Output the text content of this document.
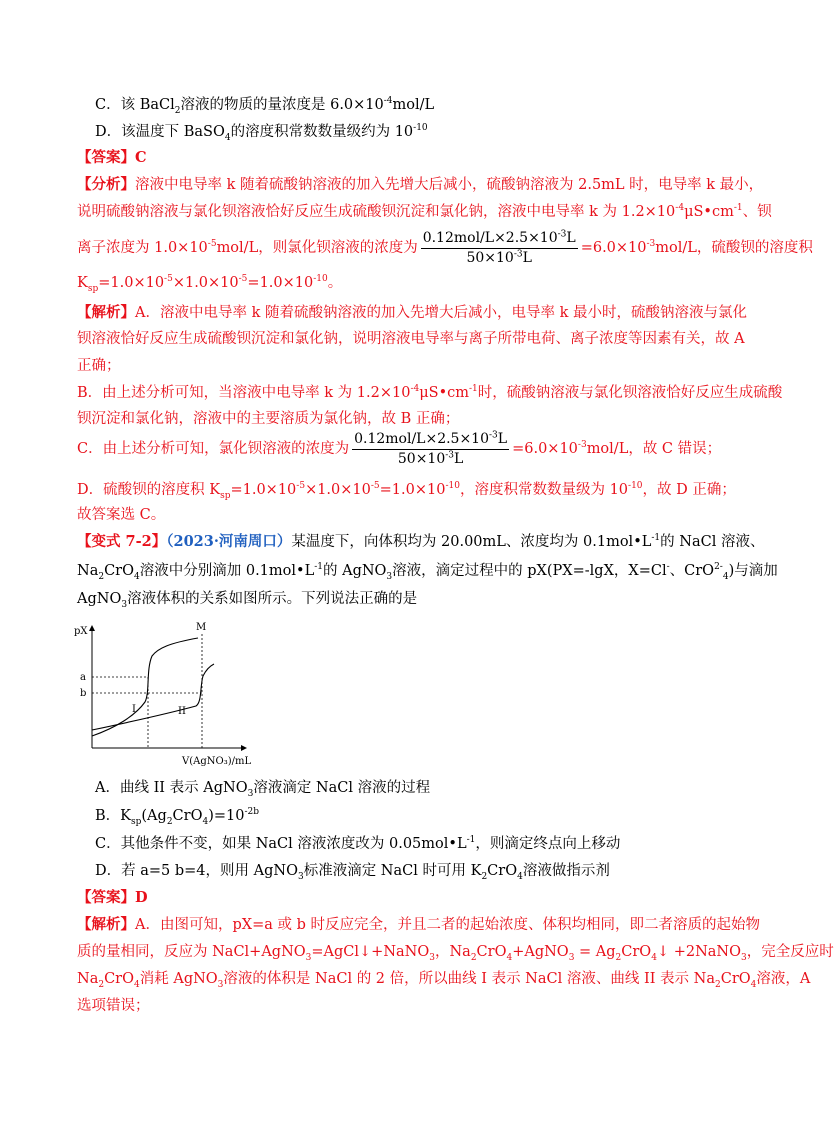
C．该 BaCl$_2$溶液的物质的量浓度是 $6.0\times 10^{-4}mol/L$
D．该温度下 BaSO$_4$的溶度积常数数量级约为 $10^{-10}$
【答案】C
【分析】溶液中电导率 k 随着硫酸钠溶液的加入先增大后减小，硫酸钠溶液为 2.5mL 时，电导率 k 最小，
说明硫酸钠溶液与氯化钡溶液恰好反应生成硫酸钡沉淀和氯化钠，溶液中电导率 k 为 $1.2\times 10^{-4}\mu S•cm^{-1}$、钡
离子浓度为 $1.0\times 10^{-5}mol/L$，则氯化钡溶液的浓度为 $\frac{0.12mol/L\times 2.5\times 10^{-3}L}{50\times 10^{-3}L} =6.0\times 10^{-3}mol/L$，硫酸钡的溶度积
$K_{sp}=1.0\times 10^{-5}\times 1.0\times 10^{-5}=1.0\times 10^{-10}$。
【解析】A．溶液中电导率 k 随着硫酸钠溶液的加入先增大后减小，电导率 k 最小时，硫酸钠溶液与氯化
钡溶液恰好反应生成硫酸钡沉淀和氯化钠，说明溶液电导率与离子所带电荷、离子浓度等因素有关，故 A
正确；
B．由上述分析可知，当溶液中电导率 k 为 $1.2\times 10^{-4}\mu S•cm^{-1}$时，硫酸钠溶液与氯化钡溶液恰好反应生成硫酸
钡沉淀和氯化钠，溶液中的主要溶质为氯化钠，故 B 正确；
C．由上述分析可知，氯化钡溶液的浓度为 $\frac{0.12mol/L\times 2.5\times 10^{-3}L}{50\times 10^{-3}L} =6.0\times 10^{-3}mol/L$，故 C 错误；
D．硫酸钡的溶度积 $K_{sp}=1.0\times 10^{-5}\times 1.0\times 10^{-5}=1.0\times 10^{-10}$，溶度积常数数量级为 $10^{-10}$，故 D 正确；
故答案选 C。
【变式 7-2】（2023·河南周口）某温度下，向体积均为 20.00mL、浓度均为 $0.1mol•L^{-1}$的 NaCl 溶液、
$Na_2CrO_4$溶液中分别滴加 $0.1mol•L^{-1}$的 AgNO$_3$溶液，滴定过程中的 pX(PX=-lgX，X=Cl-、CrO$^{2-}_4$)与滴加
AgNO$_3$溶液体积的关系如图所示。下列说法正确的是
pX
a
b
M
I	II
V(AgNO₃)/mL
A．曲线 II 表示 AgNO$_3$溶液滴定 NaCl 溶液的过程
B．$K_{sp}(Ag_2CrO_4)=10^{-2b}$
C．其他条件不变，如果 NaCl 溶液浓度改为 $0.05mol•L^{-1}$，则滴定终点向上移动
D．若 a=5 b=4，则用 AgNO$_3$标准液滴定 NaCl 时可用 $K_2CrO_4$溶液做指示剂
【答案】D
【解析】A．由图可知，pX=a 或 b 时反应完全，并且二者的起始浓度、体积均相同，即二者溶质的起始物
质的量相同，反应为 NaCl+AgNO$_3$=AgCl↓+NaNO$_3$，$Na_2CrO_4+AgNO_3$ = $Ag_2CrO_4↓$ +2NaNO$_3$，完全反应时
$Na_2CrO_4$消耗 AgNO$_3$溶液的体积是 NaCl 的 2 倍，所以曲线 I 表示 NaCl 溶液、曲线 II 表示 $Na_2CrO_4$溶液，A
选项错误；
